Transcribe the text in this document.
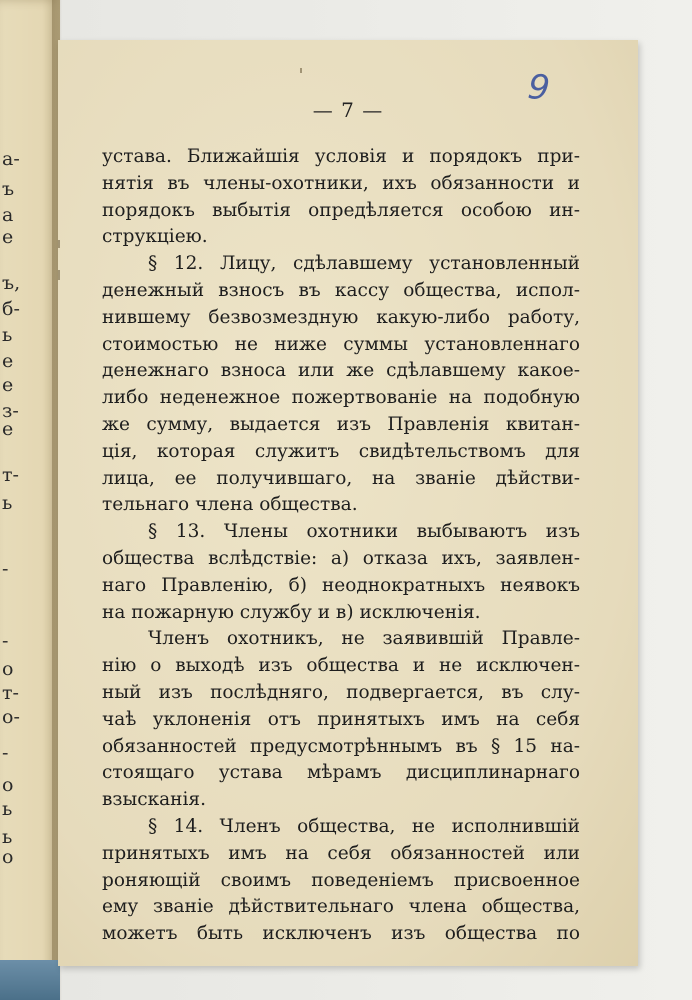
а-
ъ
а
е
ъ,
б-
ь
е
е
з-
е
т-
ь
-
-
о
т-
о-
-
о
ь
ь
о
— 7 —
9
устава. Ближайшія условія и порядокъ при-
нятія въ члены-охотники, ихъ обязанности и
порядокъ выбытія опредѣляется особою ин-
струкціею.
§ 12. Лицу, сдѣлавшему установленный
денежный взносъ въ кассу общества, испол-
нившему безвозмездную какую-либо работу,
стоимостью не ниже суммы установленнаго
денежнаго взноса или же сдѣлавшему какое-
либо неденежное пожертвованіе на подобную
же сумму, выдается изъ Правленія квитан-
ція, которая служитъ свидѣтельствомъ для
лица, ее получившаго, на званіе дѣйстви-
тельнаго члена общества.
§ 13. Члены охотники выбываютъ изъ
общества вслѣдствіе: а) отказа ихъ, заявлен-
наго Правленію, б) неоднократныхъ неявокъ
на пожарную службу и в) исключенія.
Членъ охотникъ, не заявившій Правле-
нію о выходѣ изъ общества и не исключен-
ный изъ послѣдняго, подвергается, въ слу-
чаѣ уклоненія отъ принятыхъ имъ на себя
обязанностей предусмотрѣннымъ въ § 15 на-
стоящаго устава мѣрамъ дисциплинарнаго
взысканія.
§ 14. Членъ общества, не исполнившій
принятыхъ имъ на себя обязанностей или
роняющій своимъ поведеніемъ присвоенное
ему званіе дѣйствительнаго члена общества,
можетъ быть исключенъ изъ общества по
